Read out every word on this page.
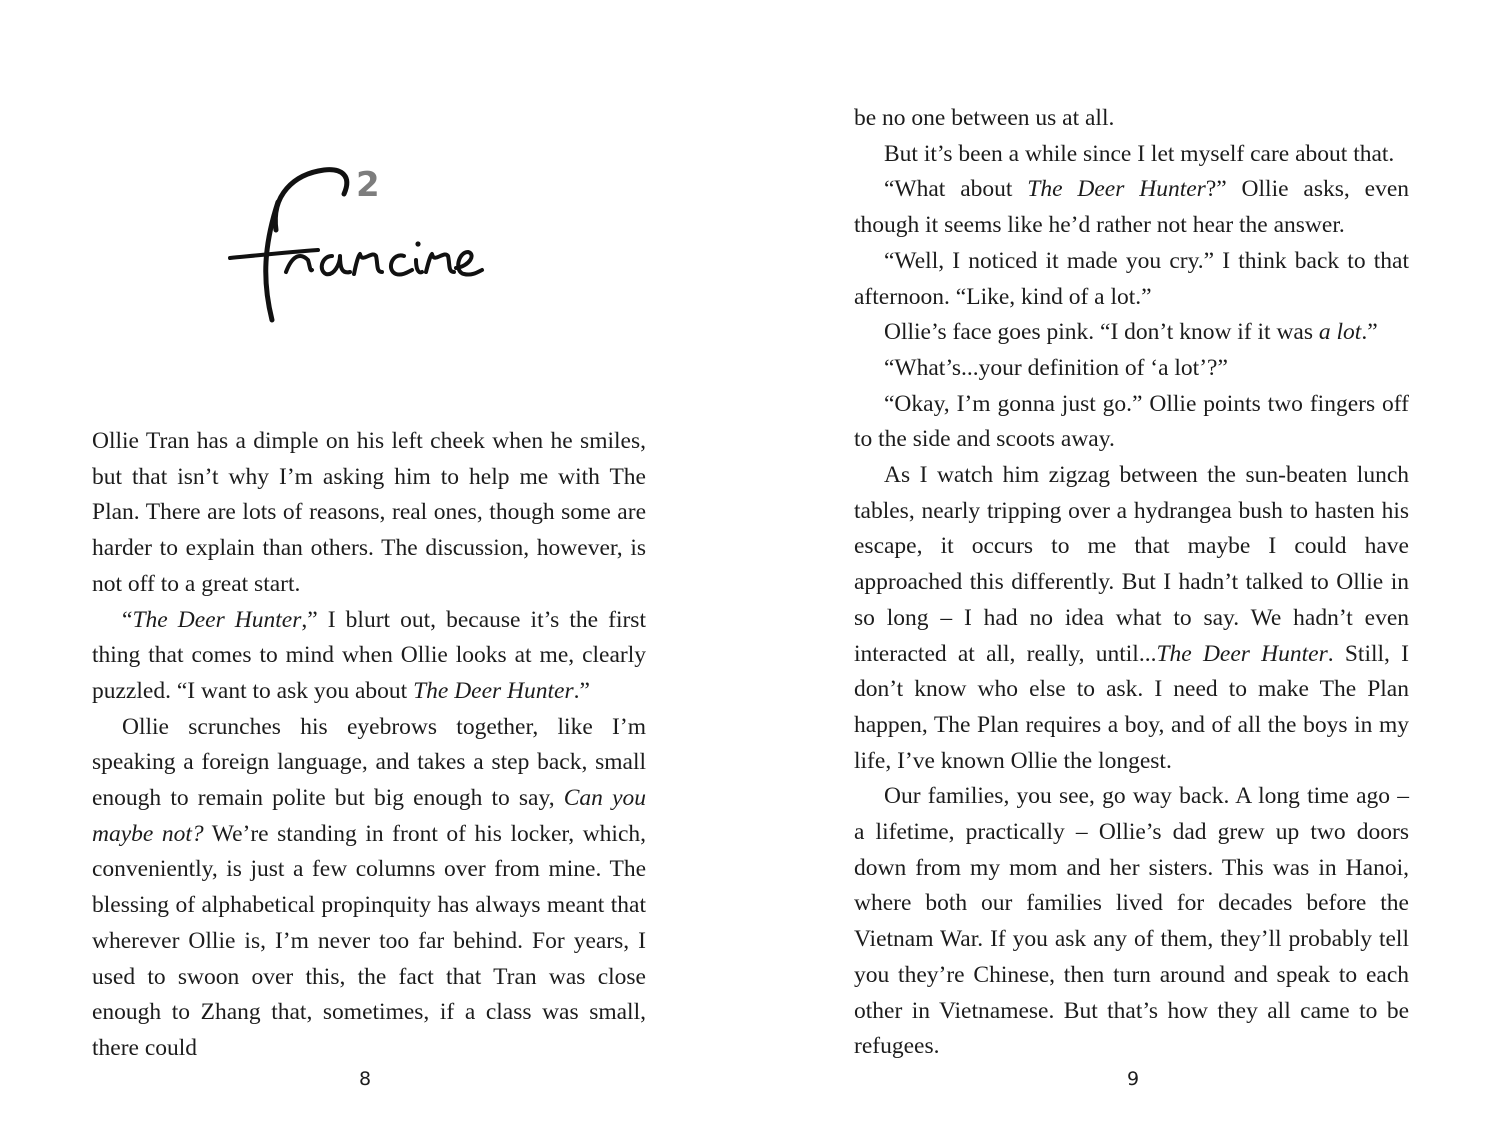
2

Ollie Tran has a dimple on his left cheek when he smiles, but that isn’t why I’m asking him to help me with The Plan. There are lots of reasons, real ones, though some are harder to explain than others. The discussion, however, is not off to a great start.

“The Deer Hunter,” I blurt out, because it’s the first thing that comes to mind when Ollie looks at me, clearly puzzled. “I want to ask you about The Deer Hunter.”

Ollie scrunches his eyebrows together, like I’m speaking a foreign language, and takes a step back, small enough to remain polite but big enough to say, Can you maybe not? We’re standing in front of his locker, which, conveniently, is just a few columns over from mine. The blessing of alphabetical propinquity has always meant that wherever Ollie is, I’m never too far behind. For years, I used to swoon over this, the fact that Tran was close enough to Zhang that, sometimes, if a class was small, there could

8

be no one between us at all.

But it’s been a while since I let myself care about that.

“What about The Deer Hunter?” Ollie asks, even though it seems like he’d rather not hear the answer.

“Well, I noticed it made you cry.” I think back to that afternoon. “Like, kind of a lot.”

Ollie’s face goes pink. “I don’t know if it was a lot.”

“What’s...your definition of ‘a lot’?”

“Okay, I’m gonna just go.” Ollie points two fingers off to the side and scoots away.

As I watch him zigzag between the sun-beaten lunch tables, nearly tripping over a hydrangea bush to hasten his escape, it occurs to me that maybe I could have approached this differently. But I hadn’t talked to Ollie in so long – I had no idea what to say. We hadn’t even interacted at all, really, until...The Deer Hunter. Still, I don’t know who else to ask. I need to make The Plan happen, The Plan requires a boy, and of all the boys in my life, I’ve known Ollie the longest.

Our families, you see, go way back. A long time ago – a lifetime, practically – Ollie’s dad grew up two doors down from my mom and her sisters. This was in Hanoi, where both our families lived for decades before the Vietnam War. If you ask any of them, they’ll probably tell you they’re Chinese, then turn around and speak to each other in Vietnamese. But that’s how they all came to be refugees.

9
